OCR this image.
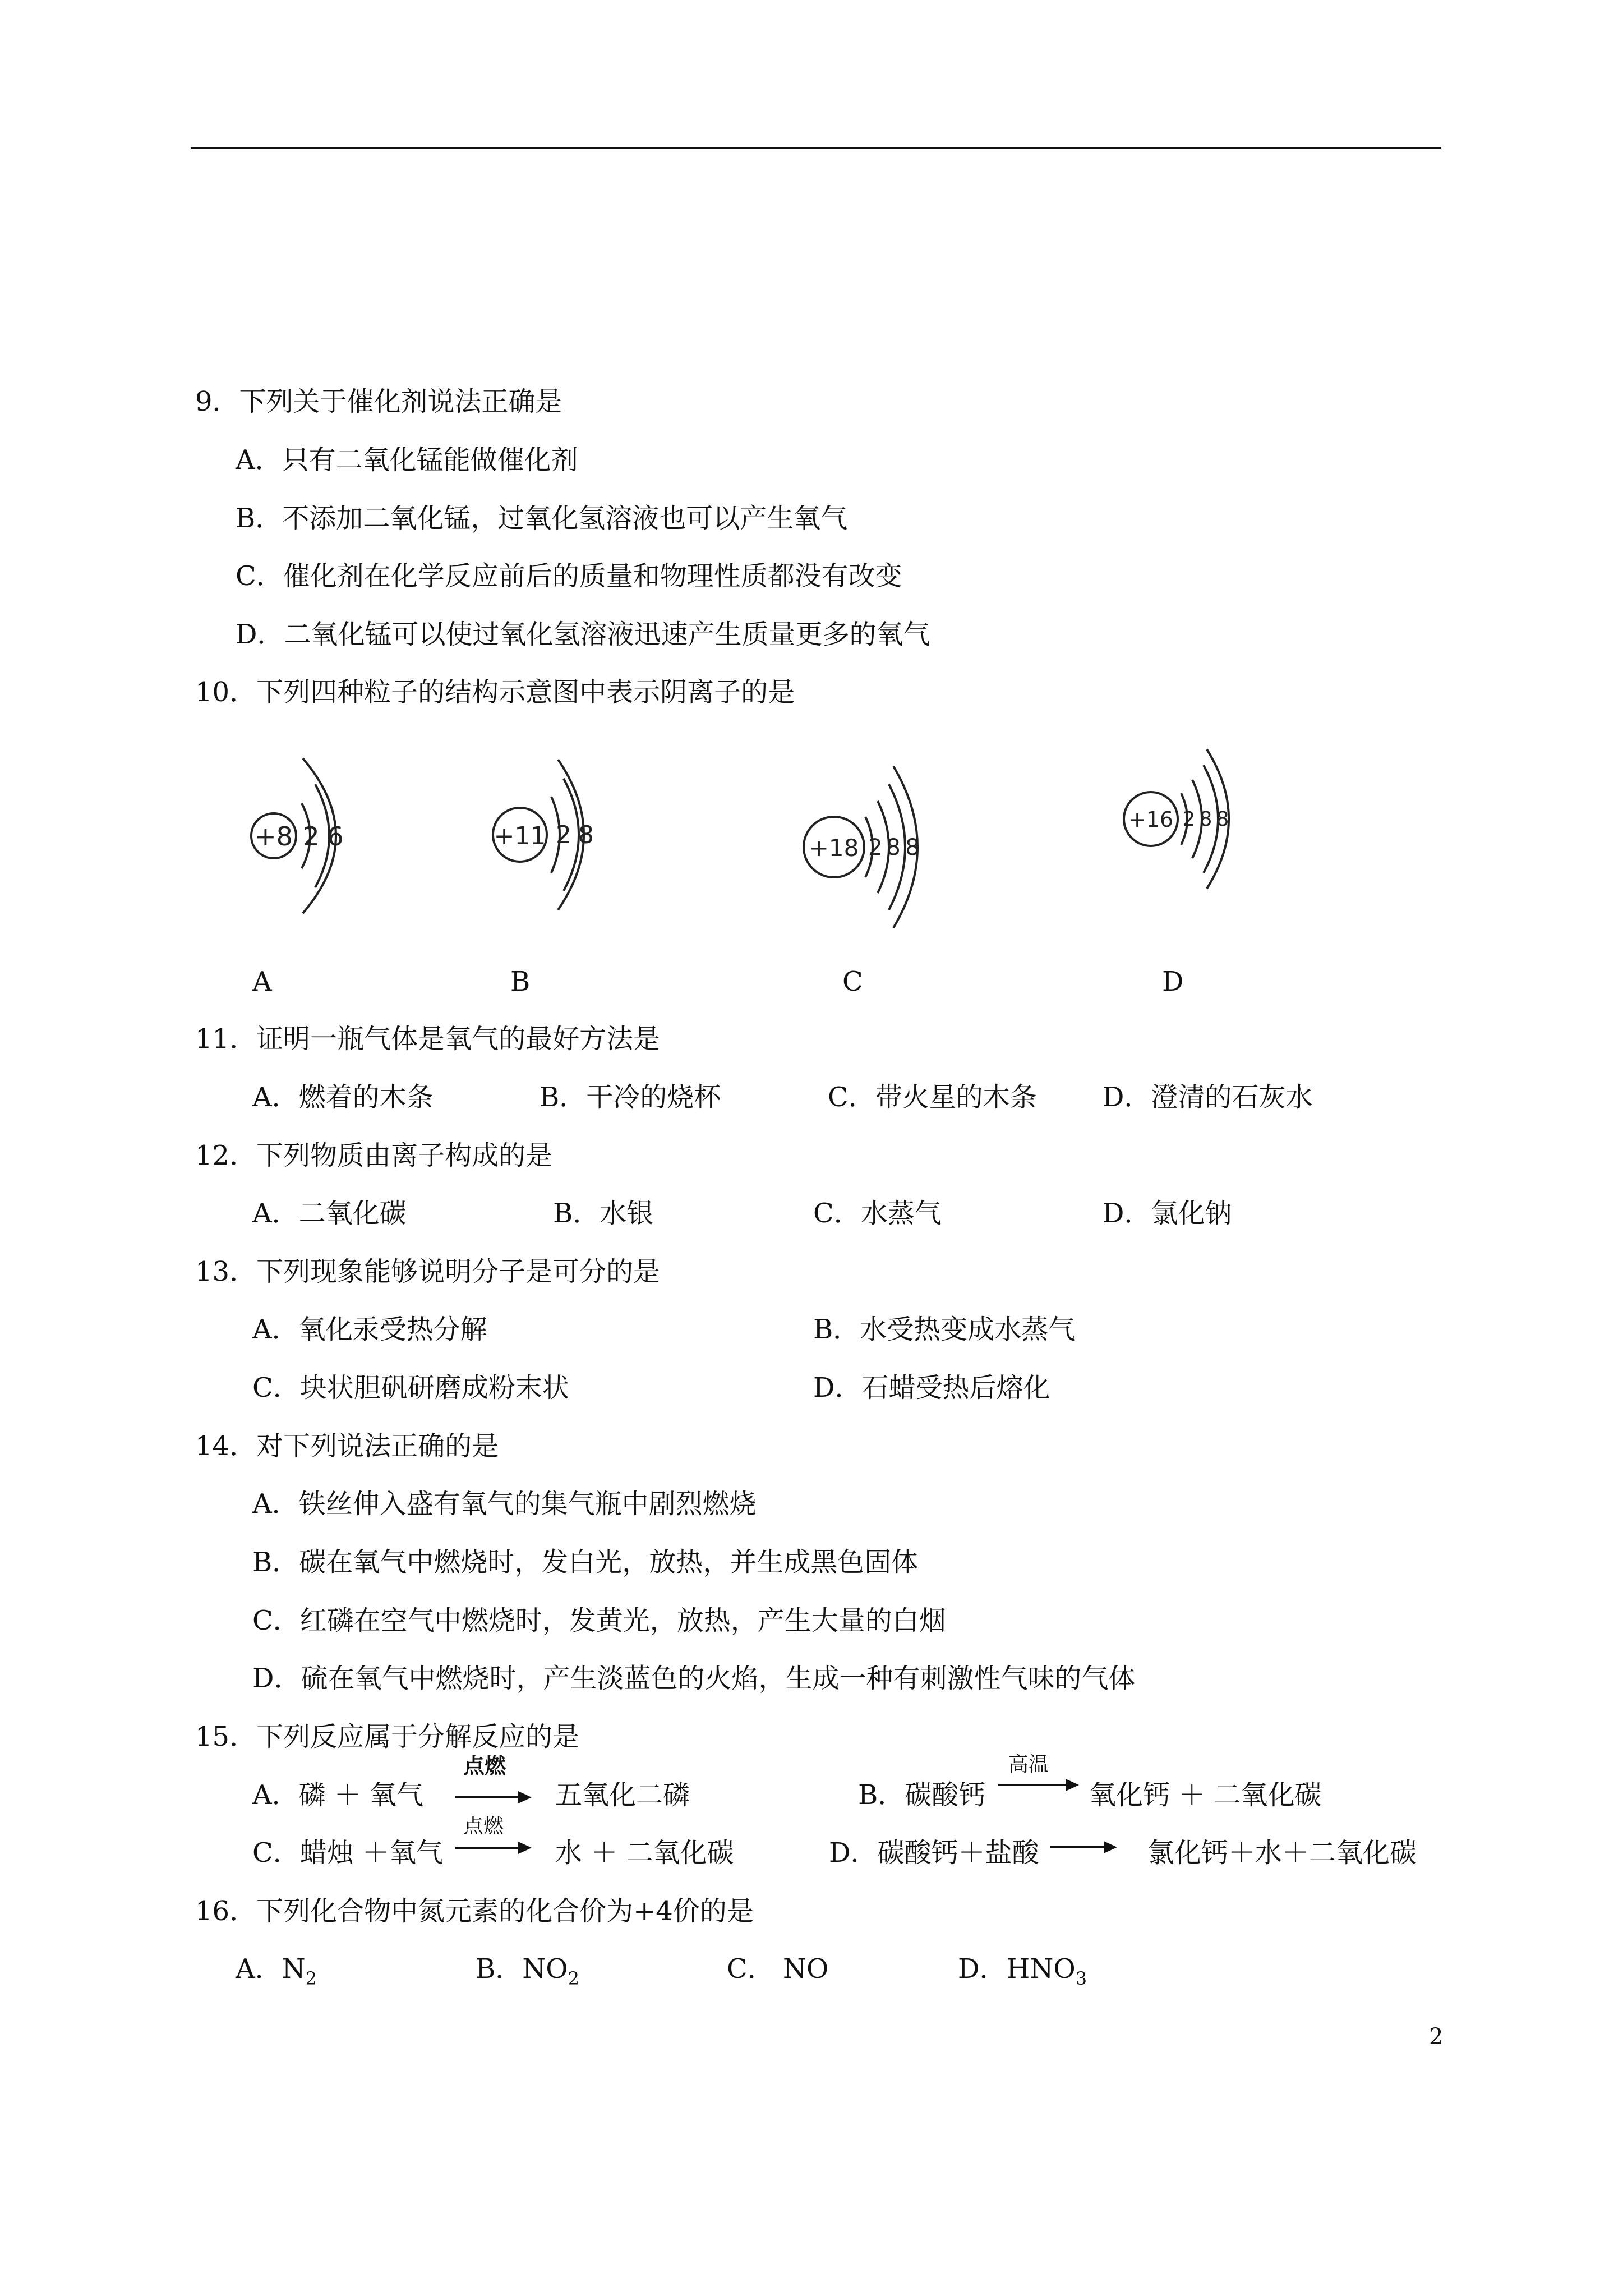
9．下列关于催化剂说法正确是
A．只有二氧化锰能做催化剂
B．不添加二氧化锰，过氧化氢溶液也可以产生氧气
C．催化剂在化学反应前后的质量和物理性质都没有改变
D．二氧化锰可以使过氧化氢溶液迅速产生质量更多的氧气
10．下列四种粒子的结构示意图中表示阴离子的是
+8 2 6	+11 2 8	+18 2 8 8
+16 2 8 8
A	B	C	D
11．证明一瓶气体是氧气的最好方法是
A．燃着的木条	B．干冷的烧杯	C．带火星的木条 D．澄清的石灰水
12．下列物质由离子构成的是
A．二氧化碳	B．水银	C．水蒸气	D．氯化钠
13．下列现象能够说明分子是可分的是
A．氧化汞受热分解	B．水受热变成水蒸气
C．块状胆矾研磨成粉末状	D．石蜡受热后熔化
14．对下列说法正确的是
A．铁丝伸入盛有氧气的集气瓶中剧烈燃烧
B．碳在氧气中燃烧时，发白光，放热，并生成黑色固体
C．红磷在空气中燃烧时，发黄光，放热，产生大量的白烟
D．硫在氧气中燃烧时，产生淡蓝色的火焰，生成一种有刺激性气味的气体
15．下列反应属于分解反应的是
A．磷 ＋ 氧气
点燃
五氧化二磷	B．碳酸钙
高温
氧化钙 ＋ 二氧化碳
C．蜡烛 ＋氧气
点燃
水 ＋ 二氧化碳	D．碳酸钙＋盐酸	氯化钙＋水＋二氧化碳
16．下列化合物中氮元素的化合价为+4价的是
A．$N_2$	B．$NO_2$	C． NO	D．$HNO_3$
2
